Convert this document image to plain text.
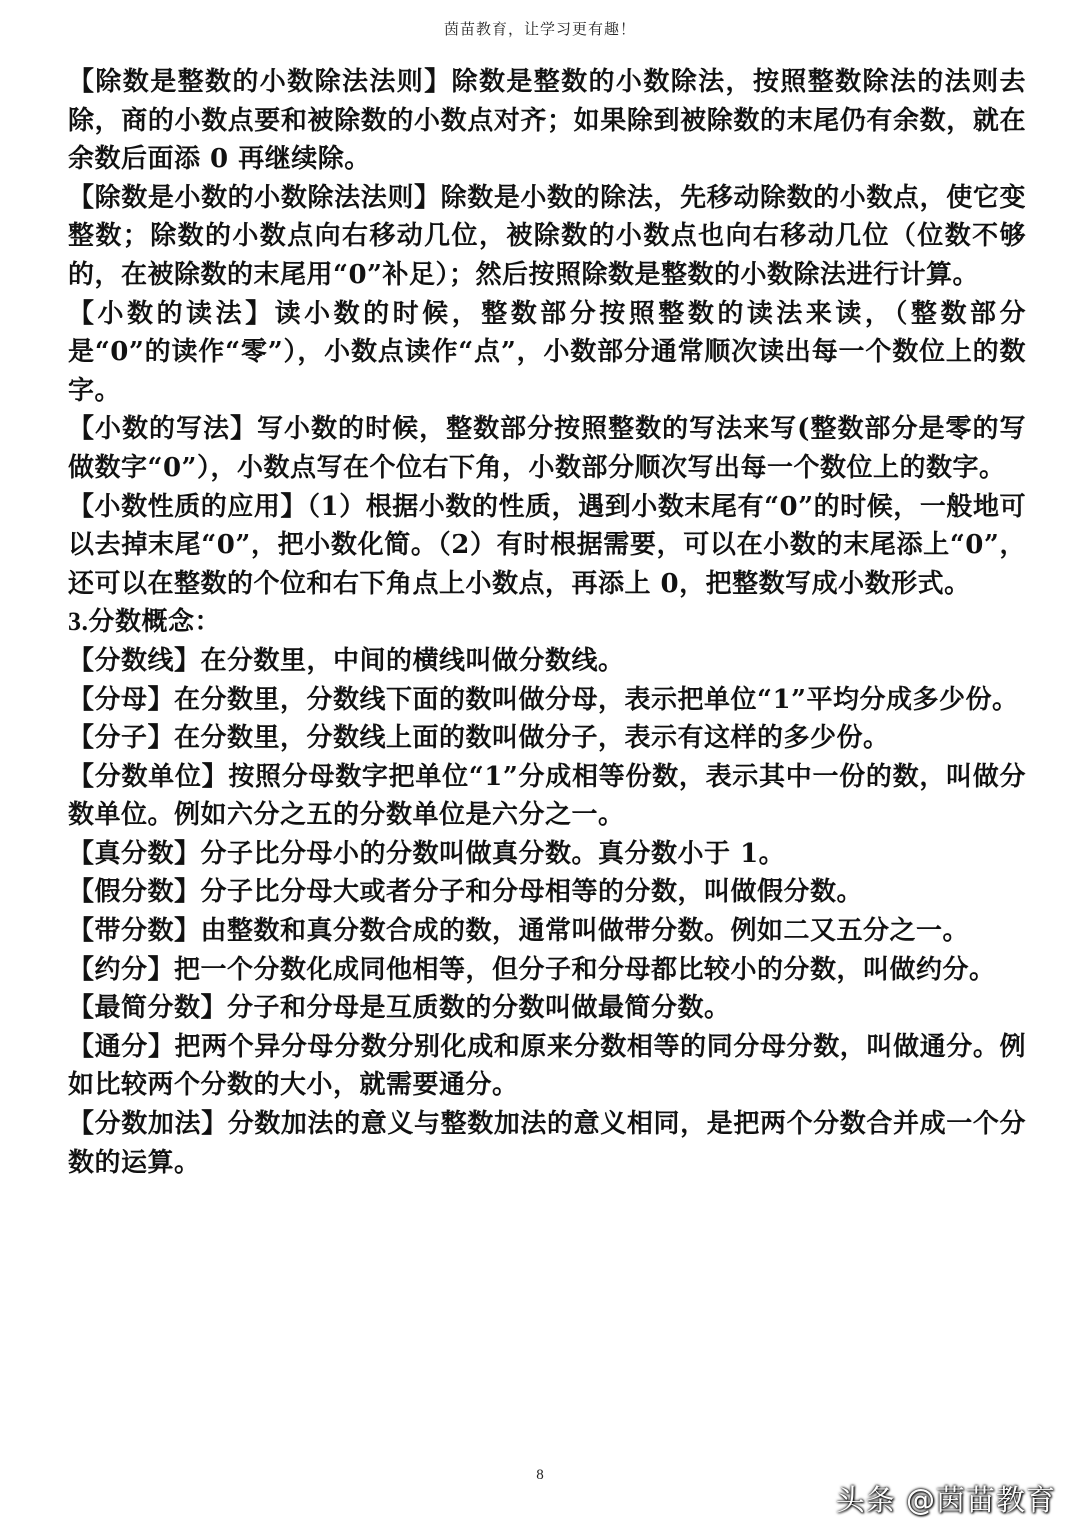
茵苗教育，让学习更有趣！

【除数是整数的小数除法法则】除数是整数的小数除法，按照整数除法的法则去除，商的小数点要和被除数的小数点对齐；如果除到被除数的末尾仍有余数，就在余数后面添 0 再继续除。

【除数是小数的小数除法法则】除数是小数的除法，先移动除数的小数点，使它变整数；除数的小数点向右移动几位，被除数的小数点也向右移动几位（位数不够的，在被除数的末尾用“0”补足）；然后按照除数是整数的小数除法进行计算。

【小数的读法】读小数的时候，整数部分按照整数的读法来读，（整数部分是“0”的读作“零”），小数点读作“点”，小数部分通常顺次读出每一个数位上的数字。

【小数的写法】写小数的时候，整数部分按照整数的写法来写(整数部分是零的写做数字“0”），小数点写在个位右下角，小数部分顺次写出每一个数位上的数字。

【小数性质的应用】（1）根据小数的性质，遇到小数末尾有“0”的时候，一般地可以去掉末尾“0”，把小数化简。（2）有时根据需要，可以在小数的末尾添上“0”，还可以在整数的个位和右下角点上小数点，再添上 0，把整数写成小数形式。

3.分数概念：

【分数线】在分数里，中间的横线叫做分数线。

【分母】在分数里，分数线下面的数叫做分母，表示把单位“1”平均分成多少份。

【分子】在分数里，分数线上面的数叫做分子，表示有这样的多少份。

【分数单位】按照分母数字把单位“1”分成相等份数，表示其中一份的数，叫做分数单位。例如六分之五的分数单位是六分之一。

【真分数】分子比分母小的分数叫做真分数。真分数小于 1。

【假分数】分子比分母大或者分子和分母相等的分数，叫做假分数。

【带分数】由整数和真分数合成的数，通常叫做带分数。例如二又五分之一。

【约分】把一个分数化成同他相等，但分子和分母都比较小的分数，叫做约分。

【最简分数】分子和分母是互质数的分数叫做最简分数。

【通分】把两个异分母分数分别化成和原来分数相等的同分母分数，叫做通分。例如比较两个分数的大小，就需要通分。

【分数加法】分数加法的意义与整数加法的意义相同，是把两个分数合并成一个分数的运算。

8
头条 @茵苗教育
